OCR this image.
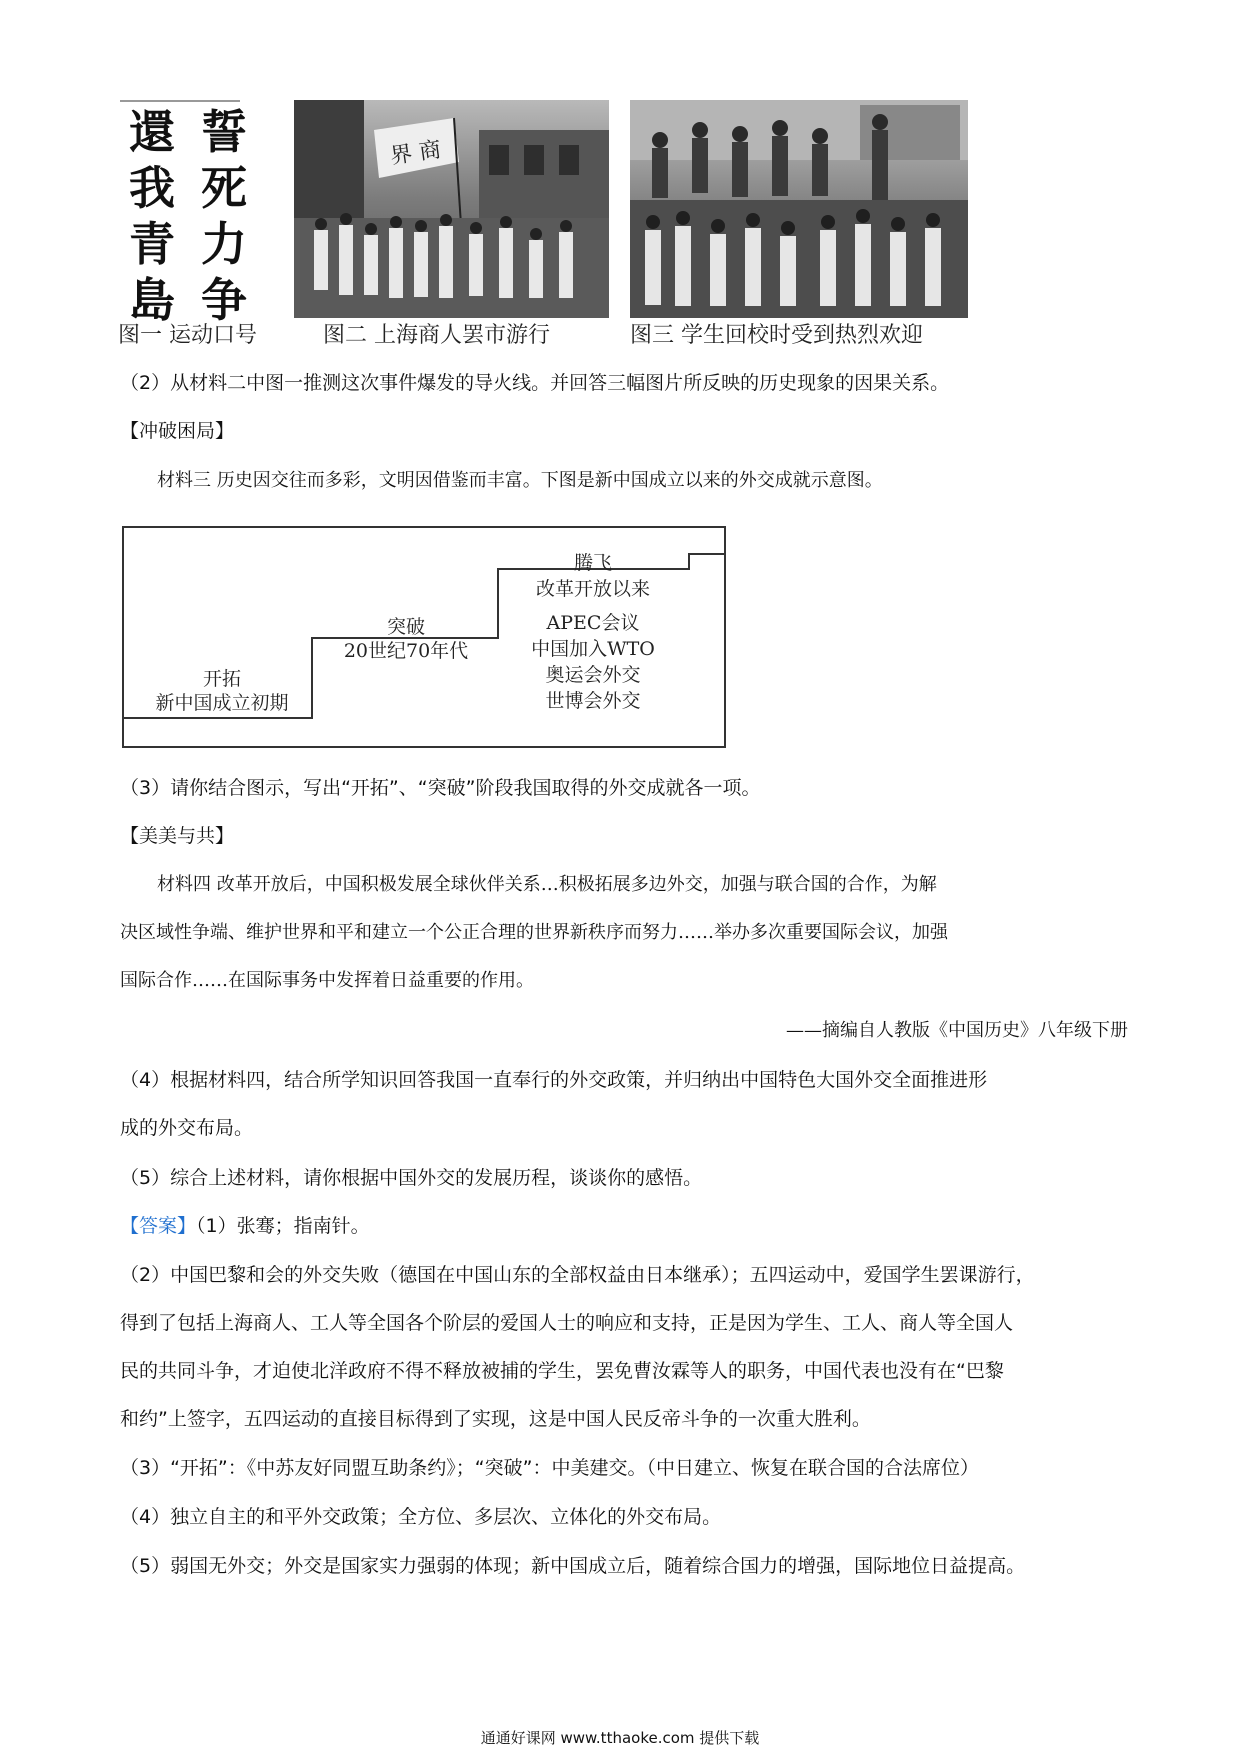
誓
死
力
争
還
我
青
島
界 商
图一 运动口号	图二 上海商人罢市游行	图三 学生回校时受到热烈欢迎
（2）从材料二中图一推测这次事件爆发的导火线。并回答三幅图片所反映的历史现象的因果关系。
【冲破困局】
材料三 历史因交往而多彩，文明因借鉴而丰富。下图是新中国成立以来的外交成就示意图。
开拓
新中国成立初期
突破
20世纪70年代
腾飞
改革开放以来
APEC会议
中国加入WTO
奥运会外交
世博会外交
（3）请你结合图示，写出“开拓”、“突破”阶段我国取得的外交成就各一项。
【美美与共】
材料四 改革开放后，中国积极发展全球伙伴关系…积极拓展多边外交，加强与联合国的合作，为解
决区域性争端、维护世界和平和建立一个公正合理的世界新秩序而努力……举办多次重要国际会议，加强
国际合作……在国际事务中发挥着日益重要的作用。
——摘编自人教版《中国历史》八年级下册
（4）根据材料四，结合所学知识回答我国一直奉行的外交政策，并归纳出中国特色大国外交全面推进形
成的外交布局。
（5）综合上述材料，请你根据中国外交的发展历程，谈谈你的感悟。
【答案】（1）张骞；指南针。
（2）中国巴黎和会的外交失败（德国在中国山东的全部权益由日本继承）；五四运动中，爱国学生罢课游行，
得到了包括上海商人、工人等全国各个阶层的爱国人士的响应和支持，正是因为学生、工人、商人等全国人
民的共同斗争，才迫使北洋政府不得不释放被捕的学生，罢免曹汝霖等人的职务，中国代表也没有在“巴黎
和约”上签字，五四运动的直接目标得到了实现，这是中国人民反帝斗争的一次重大胜利。
（3）“开拓”：《中苏友好同盟互助条约》；“突破”：中美建交。（中日建立、恢复在联合国的合法席位）
（4）独立自主的和平外交政策；全方位、多层次、立体化的外交布局。
（5）弱国无外交；外交是国家实力强弱的体现；新中国成立后，随着综合国力的增强，国际地位日益提高。
通通好课网 www.tthaoke.com 提供下载
